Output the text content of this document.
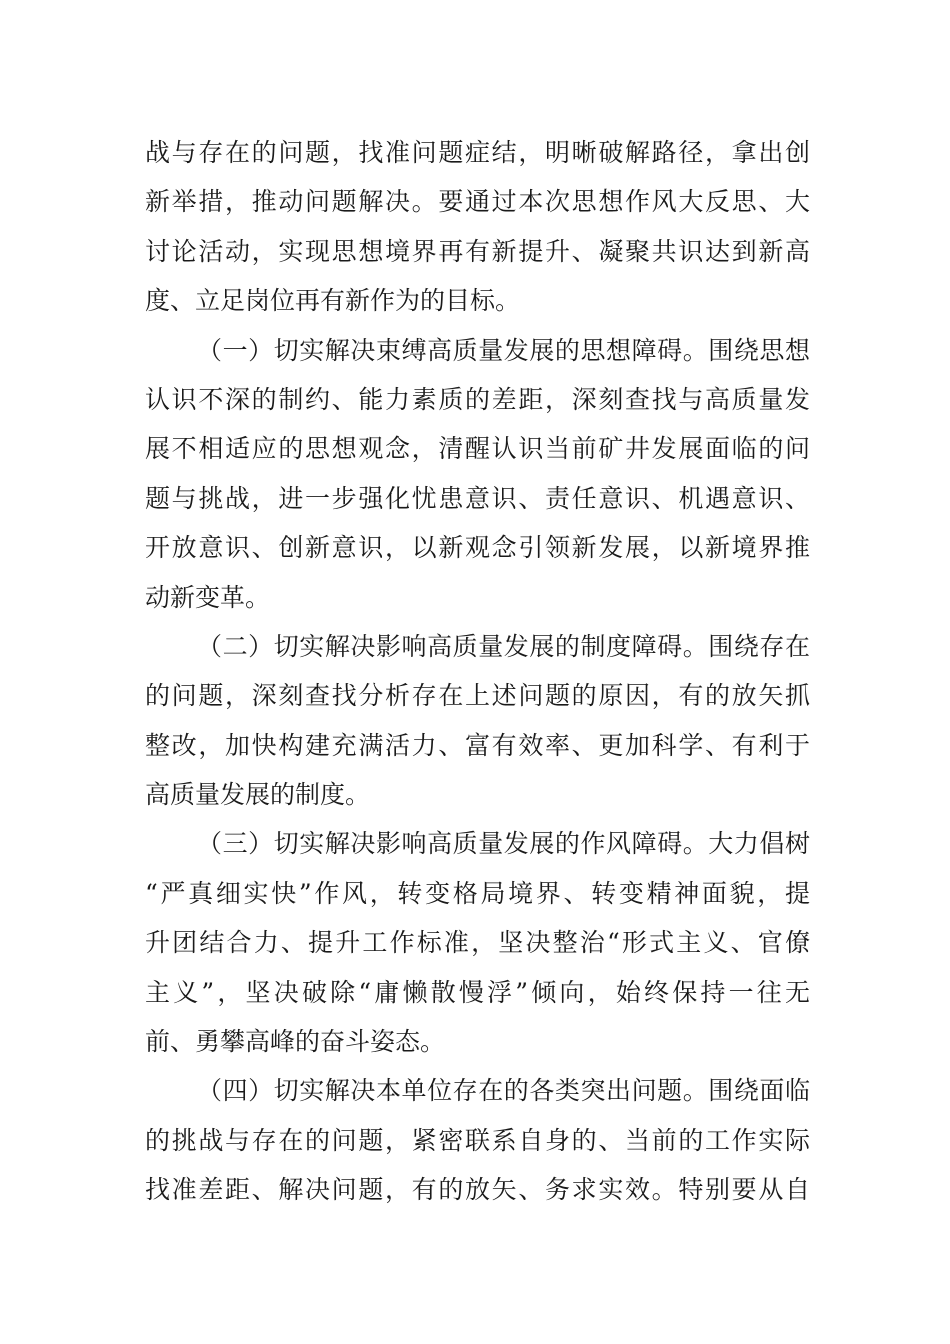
战与存在的问题，找准问题症结，明晰破解路径，拿出创
新举措，推动问题解决。要通过本次思想作风大反思、大
讨论活动，实现思想境界再有新提升、凝聚共识达到新高
度、立足岗位再有新作为的目标。
（一）切实解决束缚高质量发展的思想障碍。围绕思想
认识不深的制约、能力素质的差距，深刻查找与高质量发
展不相适应的思想观念，清醒认识当前矿井发展面临的问
题与挑战，进一步强化忧患意识、责任意识、机遇意识、
开放意识、创新意识，以新观念引领新发展，以新境界推
动新变革。
（二）切实解决影响高质量发展的制度障碍。围绕存在
的问题，深刻查找分析存在上述问题的原因，有的放矢抓
整改，加快构建充满活力、富有效率、更加科学、有利于
高质量发展的制度。
（三）切实解决影响高质量发展的作风障碍。大力倡树
“严真细实快”作风，转变格局境界、转变精神面貌，提
升团结合力、提升工作标准，坚决整治“形式主义、官僚
主义”，坚决破除“庸懒散慢浮”倾向，始终保持一往无
前、勇攀高峰的奋斗姿态。
（四）切实解决本单位存在的各类突出问题。围绕面临
的挑战与存在的问题，紧密联系自身的、当前的工作实际
找准差距、解决问题，有的放矢、务求实效。特别要从自
